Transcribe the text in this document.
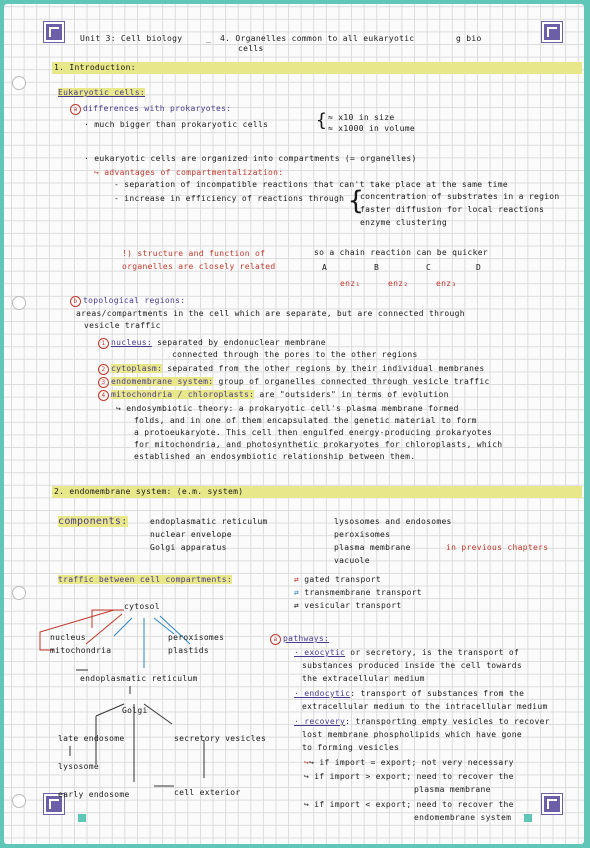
Unit 3: Cell biology	_ 4. Organelles common to all eukaryotic
cells
g bio
1. Introduction:
Eukaryotic cells:
a differences with prokaryotes:
· much bigger than prokaryotic cells	{ ≈ x10 in size
≈ x1000 in volume
· eukaryotic cells are organized into compartments (= organelles)
↪ advantages of compartmentalization:
- separation of incompatible reactions that can't take place at the same time
- increase in efficiency of reactions through {
concentration of substrates in a region
faster diffusion for local reactions
enzyme clustering
!) structure and function of
organelles are closely related
so a chain reaction can be quicker
A	B	C	D
enz₁	enz₂	enz₃
b topological regions:
areas/compartments in the cell which are separate, but are connected through
vesicle traffic
1 nucleus: separated by endonuclear membrane
connected through the pores to the other regions
2 cytoplasm: separated from the other regions by their individual membranes
3 endomembrane system: group of organelles connected through vesicle traffic
4 mitochondria / chloroplasts: are "outsiders" in terms of evolution
↪ endosymbiotic theory: a prokaryotic cell's plasma membrane formed
folds, and in one of them encapsulated the genetic material to form
a protoeukaryote. This cell then engulfed energy-producing prokaryotes
for mitochondria, and photosynthetic prokaryotes for chloroplasts, which
established an endosymbiotic relationship between them.
2. endomembrane system: (e.m. system)
components:	endoplasmatic reticulum
nuclear envelope
Golgi apparatus
lysosomes and endosomes
peroxisomes
plasma membrane
vacuole
in previous chapters
traffic between cell compartments:	⇄ gated transport
⇄ transmembrane transport
⇄ vesicular transport
cytosol
nucleus
mitochondria
peroxisomes
plastids
endoplasmatic reticulum
Golgi
late endosome	secretory vesicles
lysosome
early endosome	cell exterior
a pathways:
· exocytic or secretory, is the transport of
substances produced inside the cell towards
the extracellular medium
· endocytic: transport of substances from the
extracellular medium to the intracellular medium
· recovery: transporting empty vesicles to recover
lost membrane phospholipids which have gone
to forming vesicles
↪↪ if import = export; not very necessary
↪ if import > export; need to recover the
plasma membrane
↪ if import < export; need to recover the
endomembrane system
